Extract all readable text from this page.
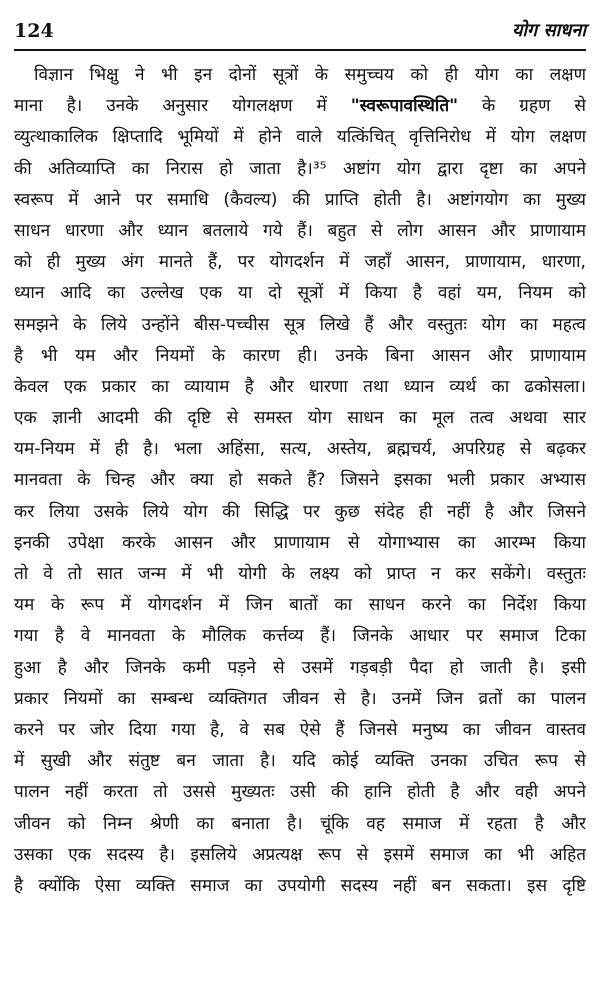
124	योग साधना
विज्ञान भिक्षु ने भी इन दोनों सूत्रों के समुच्चय को ही योग का लक्षण
माना है। उनके अनुसार योगलक्षण में "स्वरूपावस्थिति" के ग्रहण से
व्युत्थाकालिक क्षिप्तादि भूमियों में होने वाले यत्किंचित् वृत्तिनिरोध में योग लक्षण
की अतिव्याप्ति का निरास हो जाता है।³⁵ अष्टांग योग द्वारा दृष्टा का अपने
स्वरूप में आने पर समाधि (कैवल्य) की प्राप्ति होती है। अष्टांगयोग का मुख्य
साधन धारणा और ध्यान बतलाये गये हैं। बहुत से लोग आसन और प्राणायाम
को ही मुख्य अंग मानते हैं, पर योगदर्शन में जहाँ आसन, प्राणायाम, धारणा,
ध्यान आदि का उल्लेख एक या दो सूत्रों में किया है वहां यम, नियम को
समझने के लिये उन्होंने बीस-पच्चीस सूत्र लिखे हैं और वस्तुतः योग का महत्व
है भी यम और नियमों के कारण ही। उनके बिना आसन और प्राणायाम
केवल एक प्रकार का व्यायाम है और धारणा तथा ध्यान व्यर्थ का ढकोसला।
एक ज्ञानी आदमी की दृष्टि से समस्त योग साधन का मूल तत्व अथवा सार
यम-नियम में ही है। भला अहिंसा, सत्य, अस्तेय, ब्रह्मचर्य, अपरिग्रह से बढ़कर
मानवता के चिन्ह और क्या हो सकते हैं? जिसने इसका भली प्रकार अभ्यास
कर लिया उसके लिये योग की सिद्धि पर कुछ संदेह ही नहीं है और जिसने
इनकी उपेक्षा करके आसन और प्राणायाम से योगाभ्यास का आरम्भ किया
तो वे तो सात जन्म में भी योगी के लक्ष्य को प्राप्त न कर सकेंगे। वस्तुतः
यम के रूप में योगदर्शन में जिन बातों का साधन करने का निर्देश किया
गया है वे मानवता के मौलिक कर्त्तव्य हैं। जिनके आधार पर समाज टिका
हुआ है और जिनके कमी पड़ने से उसमें गड़बड़ी पैदा हो जाती है। इसी
प्रकार नियमों का सम्बन्ध व्यक्तिगत जीवन से है। उनमें जिन व्रतों का पालन
करने पर जोर दिया गया है, वे सब ऐसे हैं जिनसे मनुष्य का जीवन वास्तव
में सुखी और संतुष्ट बन जाता है। यदि कोई व्यक्ति उनका उचित रूप से
पालन नहीं करता तो उससे मुख्यतः उसी की हानि होती है और वही अपने
जीवन को निम्न श्रेणी का बनाता है। चूंकि वह समाज में रहता है और
उसका एक सदस्य है। इसलिये अप्रत्यक्ष रूप से इसमें समाज का भी अहित
है क्योंकि ऐसा व्यक्ति समाज का उपयोगी सदस्य नहीं बन सकता। इस दृष्टि
